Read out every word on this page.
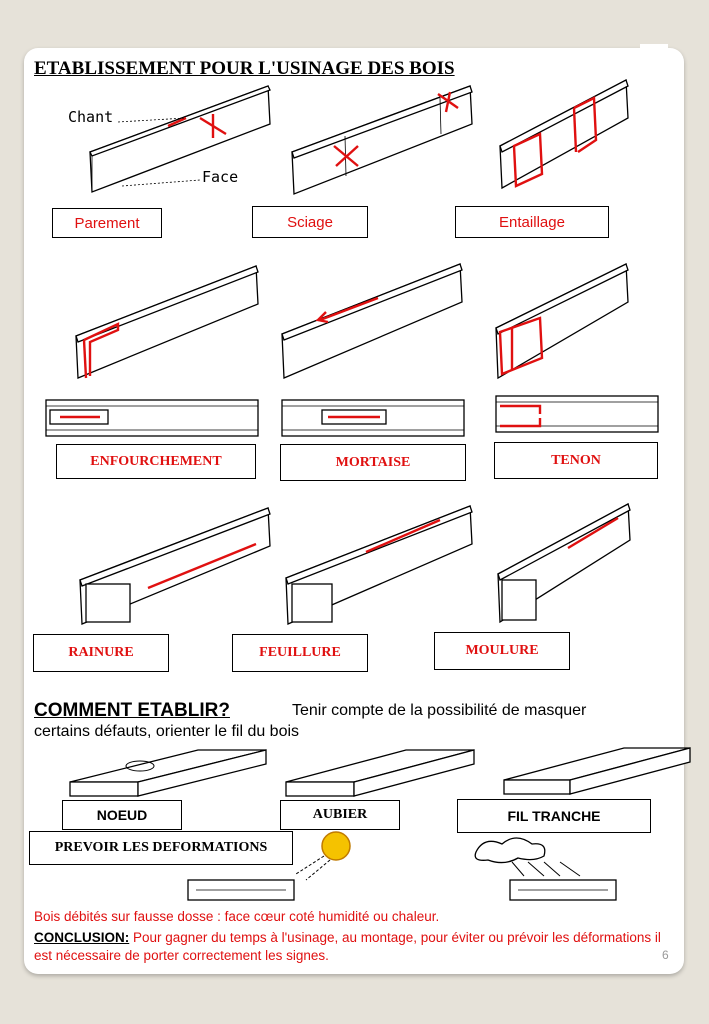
ETABLISSEMENT POUR L'USINAGE DES BOIS
Chant
Face
Parement	Sciage	Entaillage
ENFOURCHEMENT	MORTAISE	TENON
RAINURE	FEUILLURE	MOULURE
COMMENT ETABLIR?	Tenir compte de la possibilité de masquer
certains défauts, orienter le fil du bois
NOEUD	AUBIER	FIL TRANCHE
PREVOIR LES DEFORMATIONS
Bois débités sur fausse dosse : face cœur coté humidité ou chaleur.
CONCLUSION: Pour gagner du temps à l'usinage, au montage, pour éviter ou prévoir les déformations il est nécessaire de porter correctement les signes.	6
